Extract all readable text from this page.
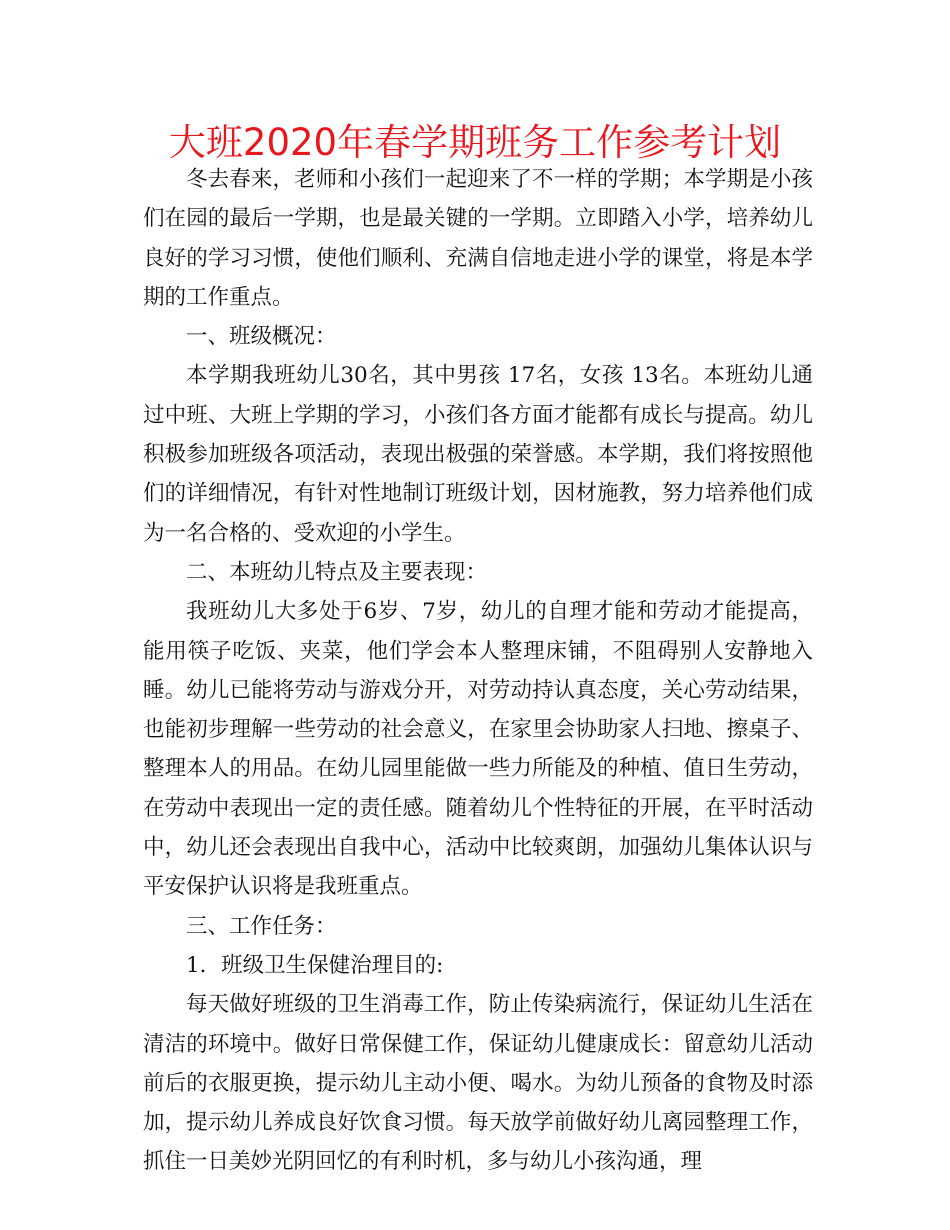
大班2020年春学期班务工作参考计划

冬去春来，老师和小孩们一起迎来了不一样的学期；本学期是小孩们在园的最后一学期，也是最关键的一学期。立即踏入小学，培养幼儿良好的学习习惯，使他们顺利、充满自信地走进小学的课堂，将是本学期的工作重点。

一、班级概况：

本学期我班幼儿30名，其中男孩 17名，女孩 13名。本班幼儿通过中班、大班上学期的学习，小孩们各方面才能都有成长与提高。幼儿积极参加班级各项活动，表现出极强的荣誉感。本学期，我们将按照他们的详细情况，有针对性地制订班级计划，因材施教，努力培养他们成为一名合格的、受欢迎的小学生。

二、本班幼儿特点及主要表现：

我班幼儿大多处于6岁、7岁，幼儿的自理才能和劳动才能提高，能用筷子吃饭、夹菜，他们学会本人整理床铺，不阻碍别人安静地入睡。幼儿已能将劳动与游戏分开，对劳动持认真态度，关心劳动结果，也能初步理解一些劳动的社会意义，在家里会协助家人扫地、擦桌子、整理本人的用品。在幼儿园里能做一些力所能及的种植、值日生劳动，在劳动中表现出一定的责任感。随着幼儿个性特征的开展，在平时活动中，幼儿还会表现出自我中心，活动中比较爽朗，加强幼儿集体认识与平安保护认识将是我班重点。

三、工作任务：

1．班级卫生保健治理目的:

每天做好班级的卫生消毒工作，防止传染病流行，保证幼儿生活在清洁的环境中。做好日常保健工作，保证幼儿健康成长：留意幼儿活动前后的衣服更换，提示幼儿主动小便、喝水。为幼儿预备的食物及时添加，提示幼儿养成良好饮食习惯。每天放学前做好幼儿离园整理工作，抓住一日美妙光阴回忆的有利时机，多与幼儿小孩沟通，理
